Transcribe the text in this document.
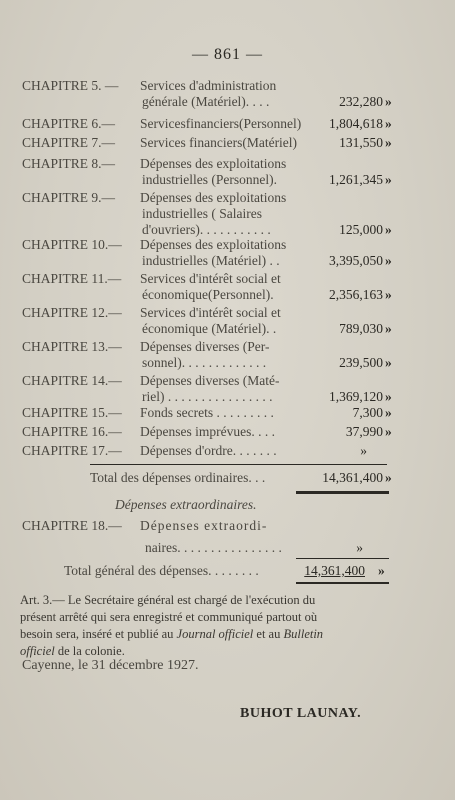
— 861 —
CHAPITRE 5. — Services d'administration
générale (Matériel). . . .	232,280 »
CHAPITRE 6.— Servicesfinanciers(Personnel) 1,804,618 »
CHAPITRE 7.— Services financiers(Matériel)	131,550 »
CHAPITRE 8.— Dépenses des exploitations
industrielles (Personnel).	1,261,345 »
CHAPITRE 9.— Dépenses des exploitations
industrielles ( Salaires
d'ouvriers). . . . . . . . . . .	125,000 »
CHAPITRE 10.— Dépenses des exploitations
industrielles (Matériel) . .	3,395,050 »
CHAPITRE 11.— Services d'intérêt social et
économique(Personnel).	2,356,163 »
CHAPITRE 12.— Services d'intérêt social et
économique (Matériel). .	789,030 »
CHAPITRE 13.— Dépenses diverses (Per-
sonnel). . . . . . . . . . . . .	239,500 »
CHAPITRE 14.— Dépenses diverses (Maté-
riel) . . . . . . . . . . . . . . . .	1,369,120 »
CHAPITRE 15.— Fonds secrets . . . . . . . . .	7,300 »
CHAPITRE 16.— Dépenses imprévues. . . .	37,990 »
CHAPITRE 17.— Dépenses d'ordre. . . . . . .	»
Total des dépenses ordinaires. . .	14,361,400 »
Dépenses extraordinaires.
CHAPITRE 18.— Dépenses extraordi-
naires. . . . . . . . . . . . . . . .	»
Total général des dépenses. . . . . . . .	14,361,400 »
Art. 3.— Le Secrétaire général est chargé de l'exécution du
présent arrêté qui sera enregistré et communiqué partout où
besoin sera, inséré et publié au Journal officiel et au Bulletin
officiel de la colonie.
Cayenne, le 31 décembre 1927.
BUHOT LAUNAY.
